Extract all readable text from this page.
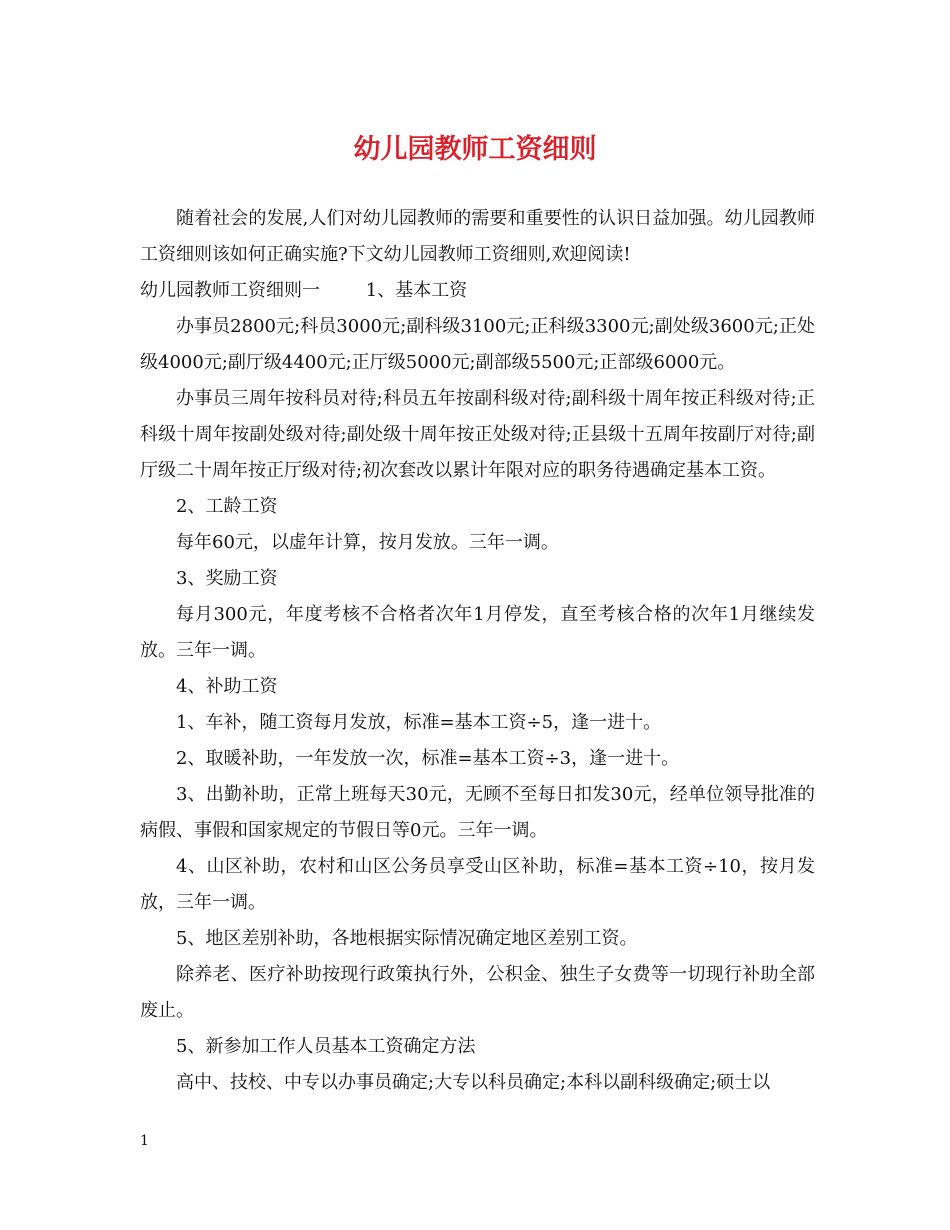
幼儿园教师工资细则

随着社会的发展,人们对幼儿园教师的需要和重要性的认识日益加强。幼儿园教师工资细则该如何正确实施?下文幼儿园教师工资细则,欢迎阅读!

幼儿园教师工资细则一        1、基本工资

办事员2800元;科员3000元;副科级3100元;正科级3300元;副处级3600元;正处级4000元;副厅级4400元;正厅级5000元;副部级5500元;正部级6000元。

办事员三周年按科员对待;科员五年按副科级对待;副科级十周年按正科级对待;正科级十周年按副处级对待;副处级十周年按正处级对待;正县级十五周年按副厅对待;副厅级二十周年按正厅级对待;初次套改以累计年限对应的职务待遇确定基本工资。

2、工龄工资

每年60元，以虚年计算，按月发放。三年一调。

3、奖励工资

每月300元，年度考核不合格者次年1月停发，直至考核合格的次年1月继续发放。三年一调。

4、补助工资

1、车补，随工资每月发放，标准=基本工资÷5，逢一进十。

2、取暖补助，一年发放一次，标准=基本工资÷3，逢一进十。

3、出勤补助，正常上班每天30元，无顾不至每日扣发30元，经单位领导批准的病假、事假和国家规定的节假日等0元。三年一调。

4、山区补助，农村和山区公务员享受山区补助，标准=基本工资÷10，按月发放，三年一调。

5、地区差别补助，各地根据实际情况确定地区差别工资。

除养老、医疗补助按现行政策执行外，公积金、独生子女费等一切现行补助全部废止。

5、新参加工作人员基本工资确定方法

高中、技校、中专以办事员确定;大专以科员确定;本科以副科级确定;硕士以

1
